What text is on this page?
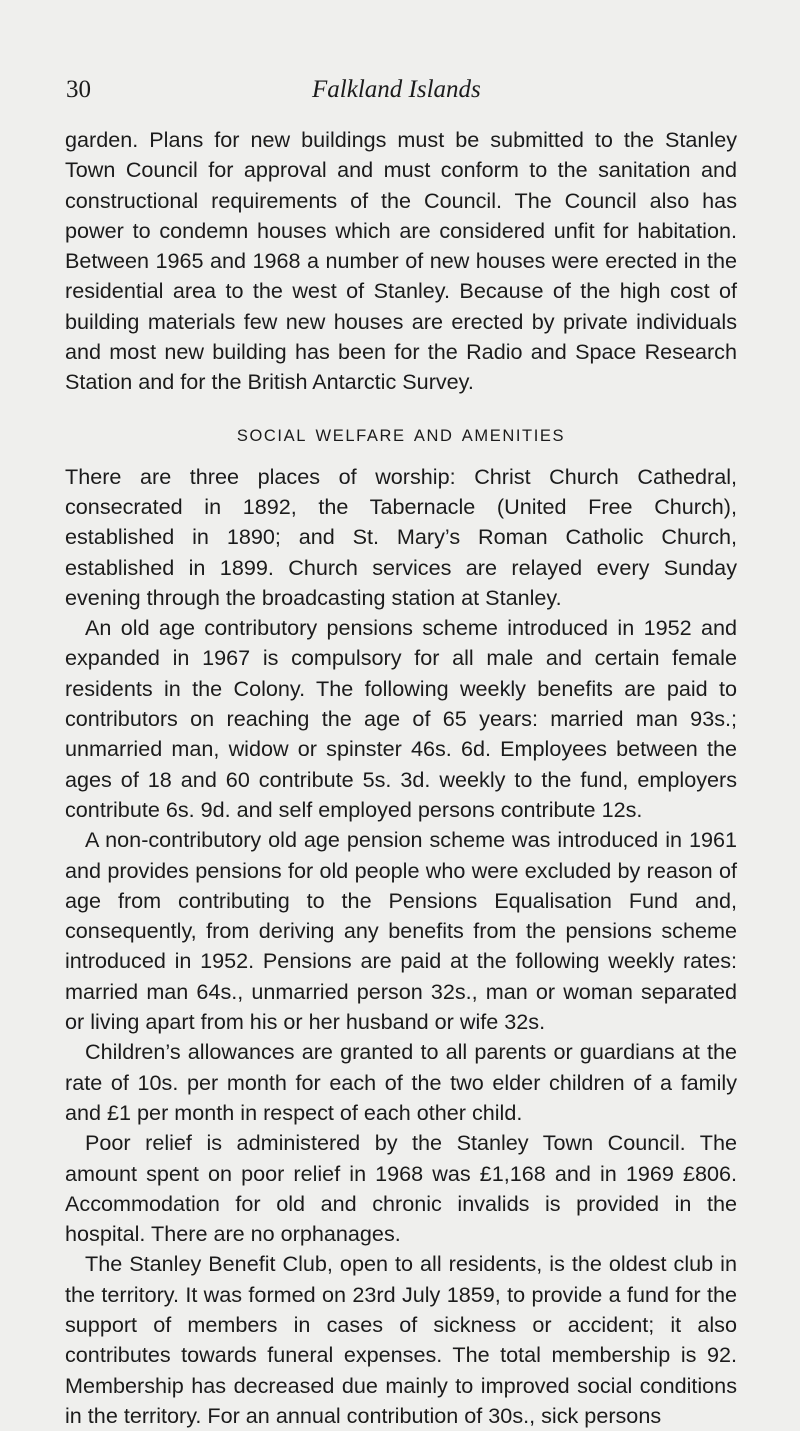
30	Falkland Islands

garden. Plans for new buildings must be submitted to the Stanley Town Council for approval and must conform to the sanitation and constructional requirements of the Council. The Council also has power to condemn houses which are considered unfit for habitation. Between 1965 and 1968 a number of new houses were erected in the residential area to the west of Stanley. Because of the high cost of building materials few new houses are erected by private individuals and most new building has been for the Radio and Space Research Station and for the British Antarctic Survey.

SOCIAL WELFARE AND AMENITIES

There are three places of worship: Christ Church Cathedral, consecrated in 1892, the Tabernacle (United Free Church), established in 1890; and St. Mary’s Roman Catholic Church, established in 1899. Church services are relayed every Sunday evening through the broadcasting station at Stanley.

An old age contributory pensions scheme introduced in 1952 and expanded in 1967 is compulsory for all male and certain female residents in the Colony. The following weekly benefits are paid to contributors on reaching the age of 65 years: married man 93s.; unmarried man, widow or spinster 46s. 6d. Employees between the ages of 18 and 60 contribute 5s. 3d. weekly to the fund, employers contribute 6s. 9d. and self employed persons contribute 12s.

A non-contributory old age pension scheme was introduced in 1961 and provides pensions for old people who were excluded by reason of age from contributing to the Pensions Equalisation Fund and, consequently, from deriving any benefits from the pensions scheme introduced in 1952. Pensions are paid at the following weekly rates: married man 64s., unmarried person 32s., man or woman separated or living apart from his or her husband or wife 32s.

Children’s allowances are granted to all parents or guardians at the rate of 10s. per month for each of the two elder children of a family and £1 per month in respect of each other child.

Poor relief is administered by the Stanley Town Council. The amount spent on poor relief in 1968 was £1,168 and in 1969 £806. Accommodation for old and chronic invalids is provided in the hospital. There are no orphanages.

The Stanley Benefit Club, open to all residents, is the oldest club in the territory. It was formed on 23rd July 1859, to provide a fund for the support of members in cases of sickness or accident; it also contributes towards funeral expenses. The total membership is 92. Membership has decreased due mainly to improved social conditions in the territory. For an annual contribution of 30s., sick persons
